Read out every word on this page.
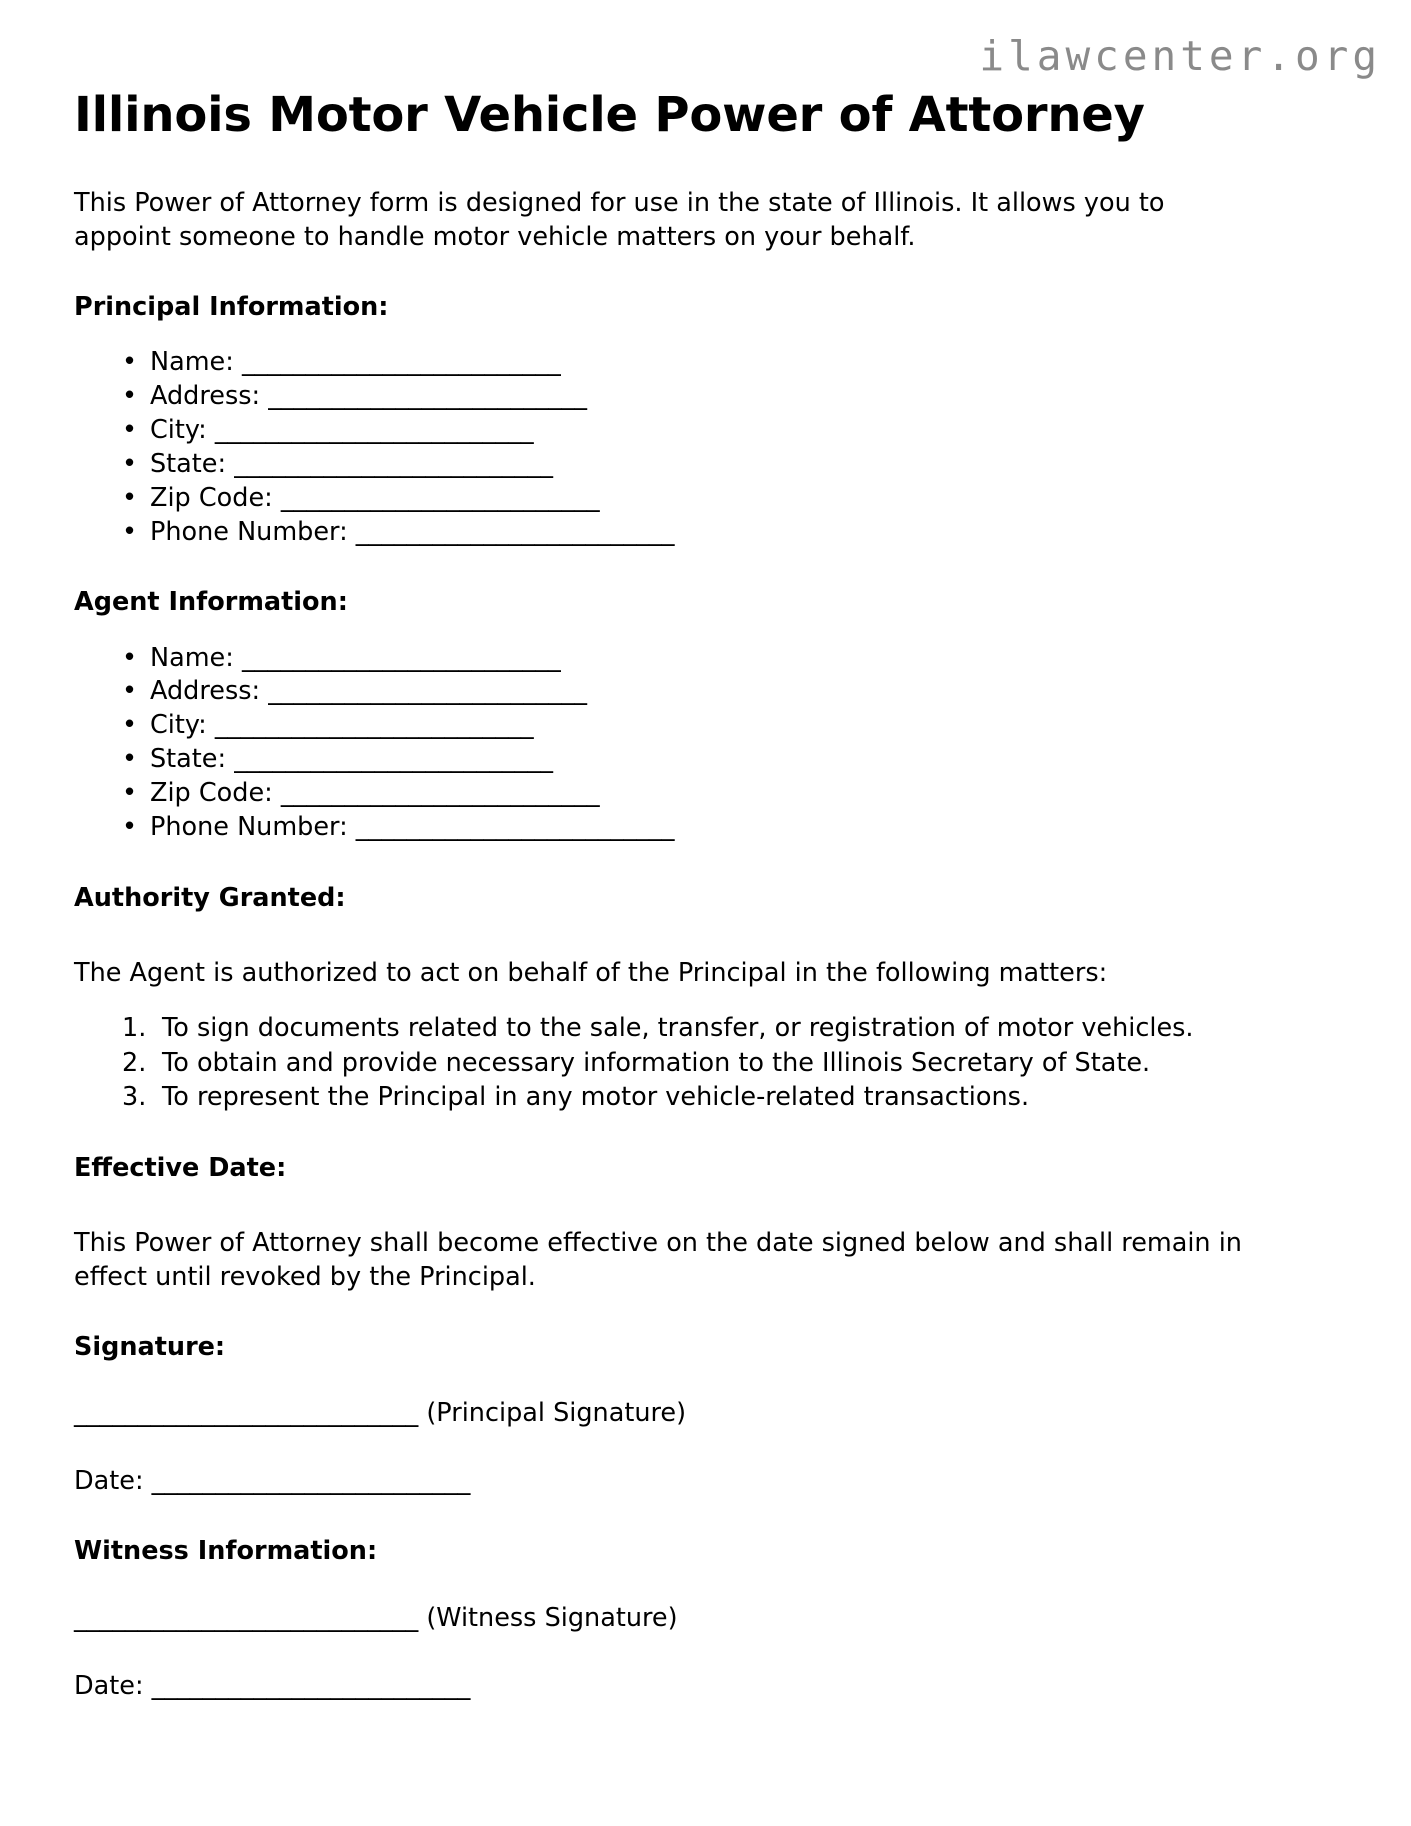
ilawcenter.org
Illinois Motor Vehicle Power of Attorney

This Power of Attorney form is designed for use in the state of Illinois. It allows you to appoint someone to handle motor vehicle matters on your behalf.

Principal Information:
• Name: _________________________
• Address: _________________________
• City: _________________________
• State: _________________________
• Zip Code: _________________________
• Phone Number: _________________________
Agent Information:
• Name: _________________________
• Address: _________________________
• City: _________________________
• State: _________________________
• Zip Code: _________________________
• Phone Number: _________________________
Authority Granted:

The Agent is authorized to act on behalf of the Principal in the following matters:

To sign documents related to the sale, transfer, or registration of motor vehicles.
To obtain and provide necessary information to the Illinois Secretary of State.
To represent the Principal in any motor vehicle-related transactions.
Effective Date:

This Power of Attorney shall become effective on the date signed below and shall remain in effect until revoked by the Principal.

Signature:
___________________________ (Principal Signature)
Date: _________________________
Witness Information:
___________________________ (Witness Signature)
Date: _________________________
